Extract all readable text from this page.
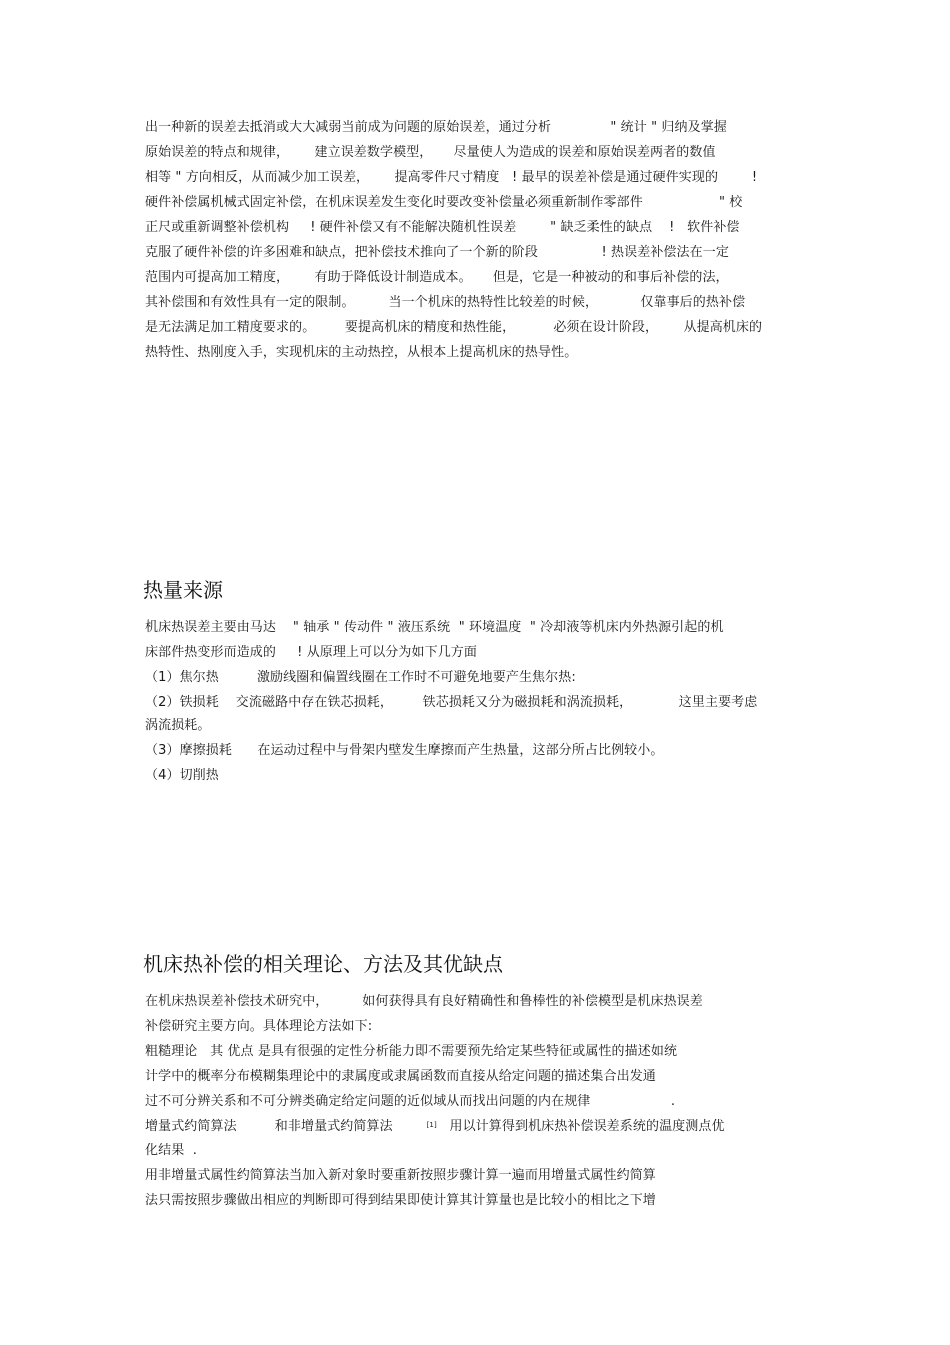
出一种新的误差去抵消或大大减弱当前成为问题的原始误差，通过分析              " 统计 " 归纳及掌握

原始误差的特点和规律，      建立误差数学模型，     尽量使人为造成的误差和原始误差两者的数值

相等 " 方向相反，从而减少加工误差，      提高零件尺寸精度   ! 最早的误差补偿是通过硬件实现的        !

硬件补偿属机械式固定补偿，在机床误差发生变化时要改变补偿量必须重新制作零部件                  " 校

正尺或重新调整补偿机构     ! 硬件补偿又有不能解决随机性误差        " 缺乏柔性的缺点    !   软件补偿

克服了硬件补偿的许多困难和缺点，把补偿技术推向了一个新的阶段               ! 热误差补偿法在一定

范围内可提高加工精度，      有助于降低设计制造成本。     但是，它是一种被动的和事后补偿的法，

其补偿围和有效性具有一定的限制。        当一个机床的热特性比较差的时候，          仅靠事后的热补偿

是无法满足加工精度要求的。       要提高机床的精度和热性能，         必须在设计阶段，      从提高机床的

热特性、热刚度入手，实现机床的主动热控，从根本上提高机床的热导性。

热量来源

机床热误差主要由马达    " 轴承 " 传动件 " 液压系统  " 环境温度  " 冷却液等机床内外热源引起的机

床部件热变形而造成的     ! 从原理上可以分为如下几方面

（1）焦尔热         激励线圈和偏置线圈在工作时不可避免地要产生焦尔热:

（2）铁损耗    交流磁路中存在铁芯损耗，       铁芯损耗又分为磁损耗和涡流损耗，           这里主要考虑

涡流损耗。

（3）摩擦损耗      在运动过程中与骨架内壁发生摩擦而产生热量，这部分所占比例较小。

（4）切削热

机床热补偿的相关理论、方法及其优缺点

在机床热误差补偿技术研究中，        如何获得具有良好精确性和鲁棒性的补偿模型是机床热误差

补偿研究主要方向。具体理论方法如下:

粗糙理论   其 优点 是具有很强的定性分析能力即不需要预先给定某些特征或属性的描述如统

计学中的概率分布模糊集理论中的隶属度或隶属函数而直接从给定问题的描述集合出发通

过不可分辨关系和不可分辨类确定给定问题的近似域从而找出问题的内在规律                   .

增量式约简算法         和非增量式约简算法        [1]   用以计算得到机床热补偿误差系统的温度测点优

化结果  .

用非增量式属性约简算法当加入新对象时要重新按照步骤计算一遍而用增量式属性约简算

法只需按照步骤做出相应的判断即可得到结果即使计算其计算量也是比较小的相比之下增
